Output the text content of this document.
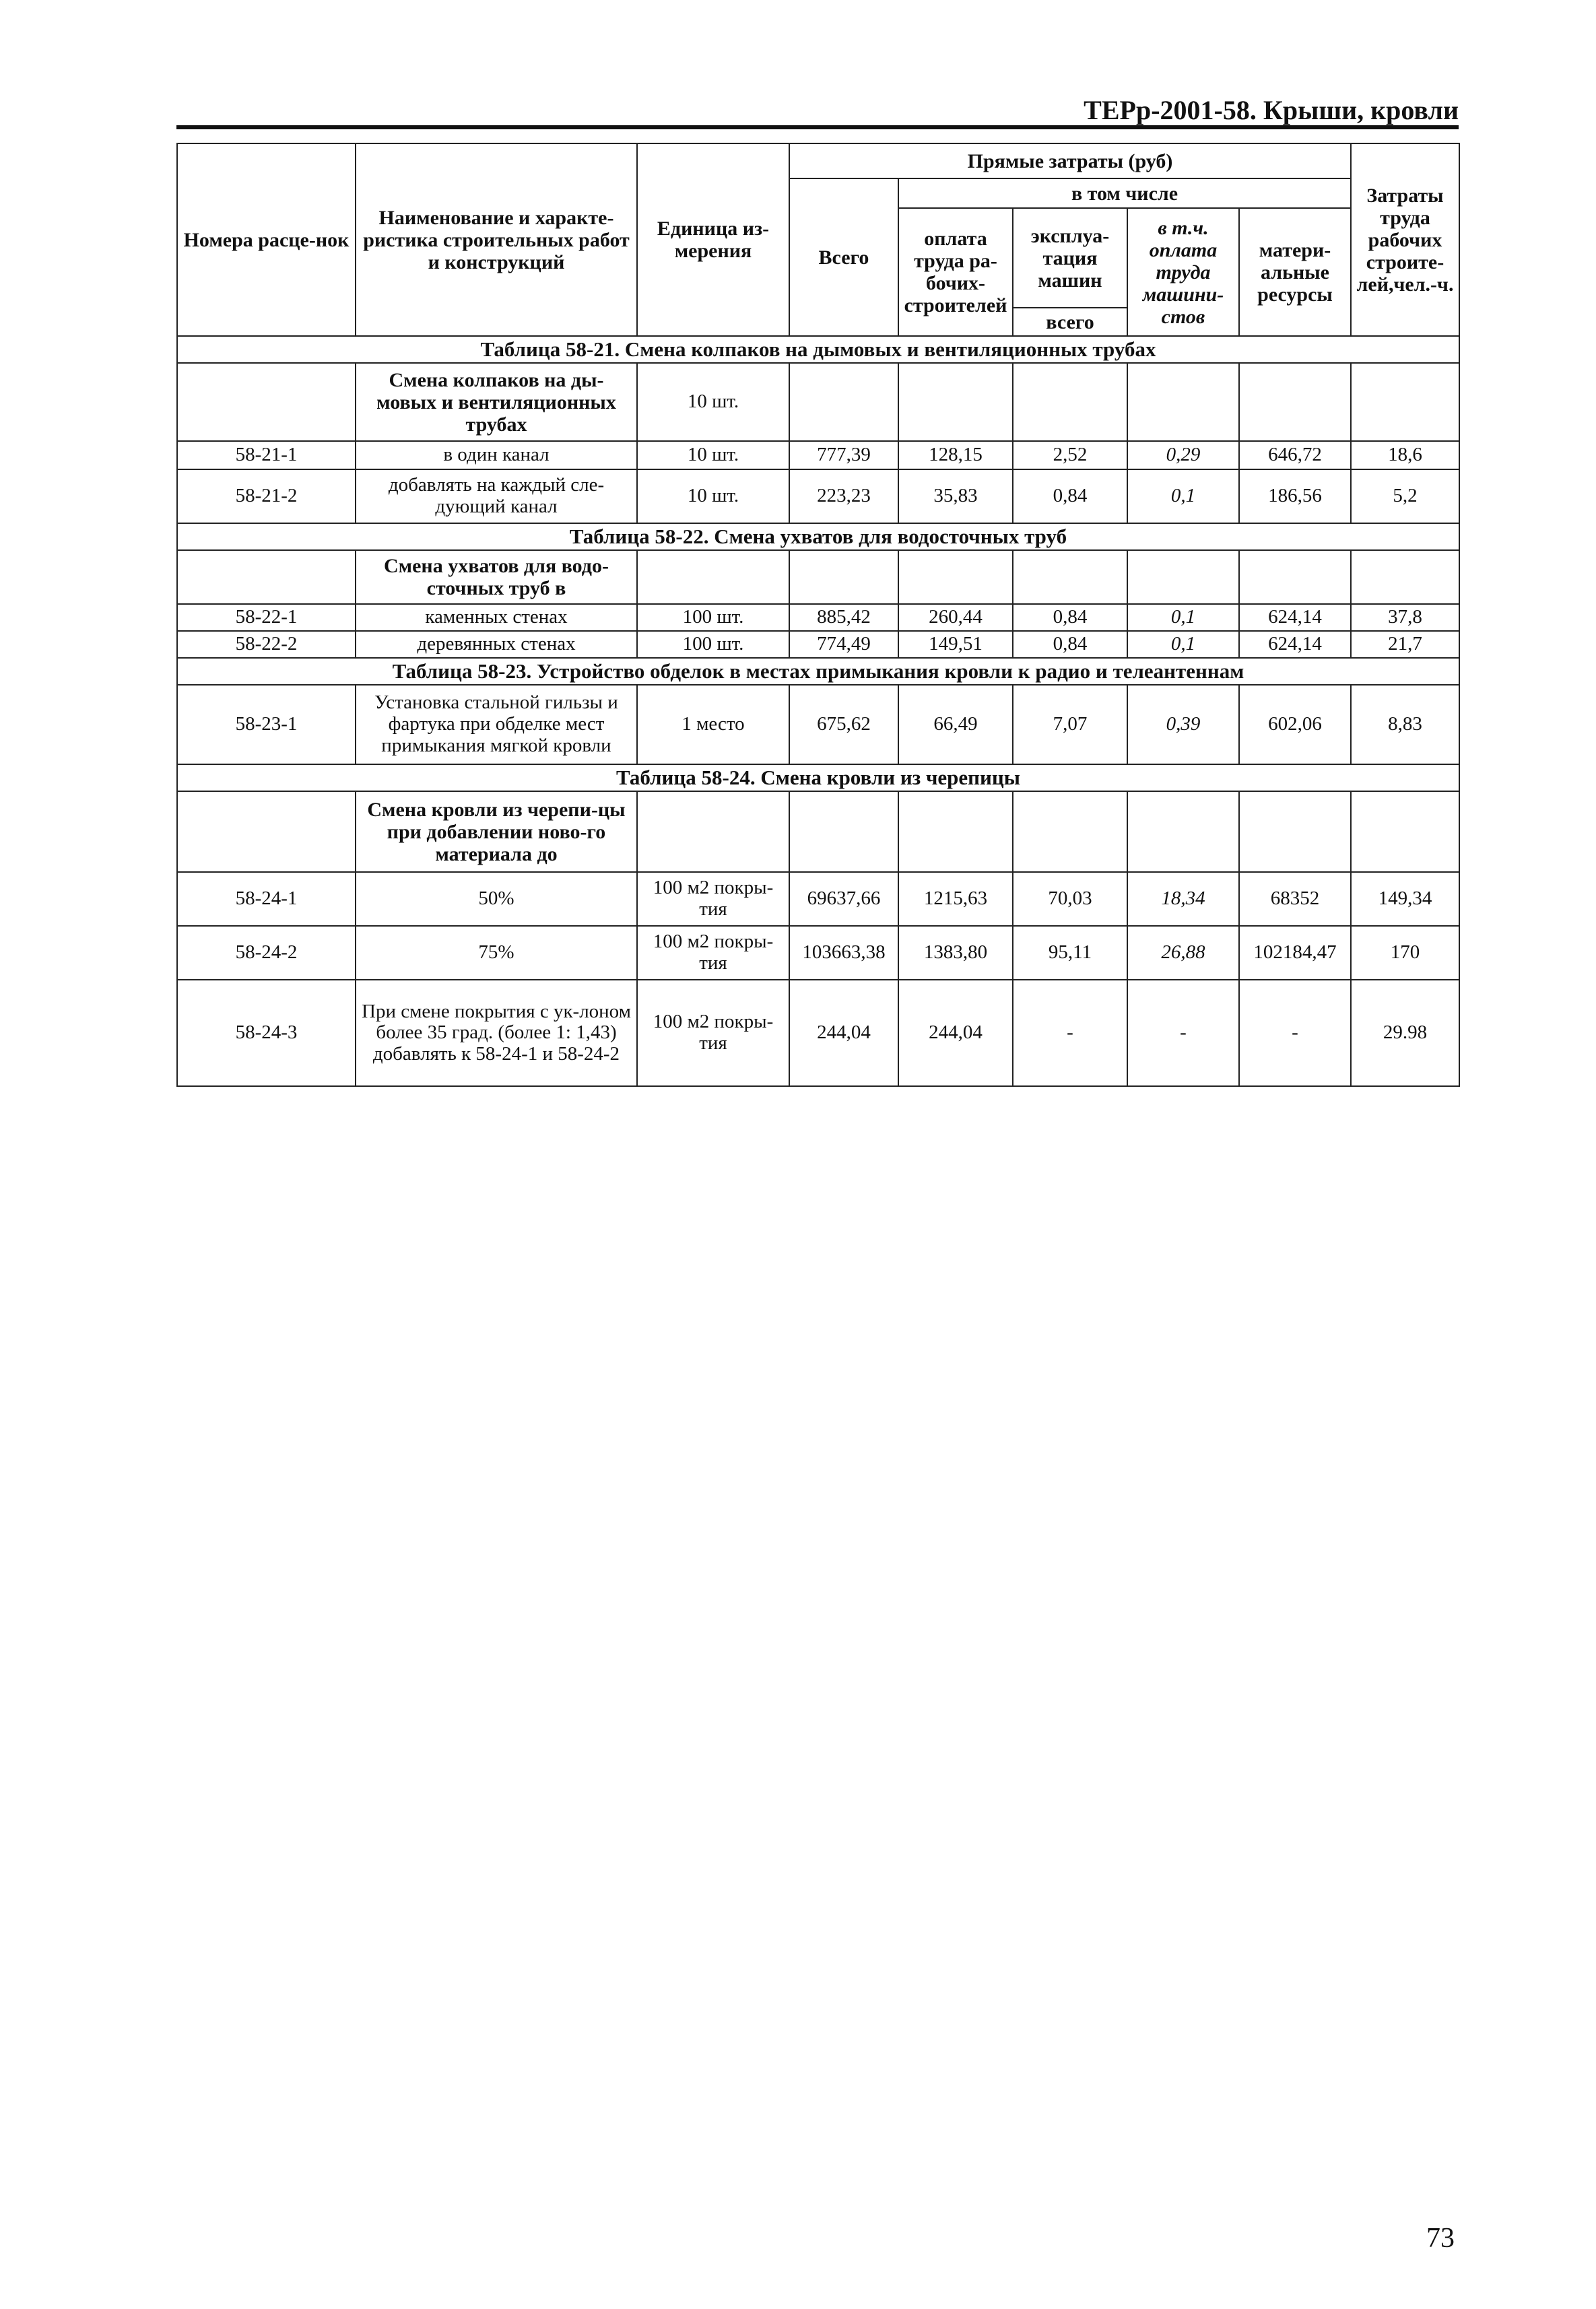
ТЕРр-2001-58. Крыши, кровли
Номера расце-нок	Наименование и характе-ристика строительных работ и конструкций	Единица из-мерения	Прямые затраты (руб)					Затраты труда рабочих строите-лей,чел.-ч.
			Всего	в том числе				
				оплата труда ра-бочих-строителей	эксплуа-тация машин	в т.ч. оплата труда машини-стов	матери-альные ресурсы	
					всего			
Таблица 58-21. Смена колпаков на дымовых и вентиляционных трубах								
	Смена колпаков на ды-мовых и вентиляционных трубах	10 шт.						
58-21-1	в один канал	10 шт.	777,39	128,15	2,52	0,29	646,72	18,6
58-21-2	добавлять на каждый сле-дующий канал	10 шт.	223,23	35,83	0,84	0,1	186,56	5,2
Таблица 58-22. Смена ухватов для водосточных труб								
	Смена ухватов для водо-сточных труб в							
58-22-1	каменных стенах	100 шт.	885,42	260,44	0,84	0,1	624,14	37,8
58-22-2	деревянных стенах	100 шт.	774,49	149,51	0,84	0,1	624,14	21,7
Таблица 58-23. Устройство обделок в местах примыкания кровли к радио и телеантеннам								
58-23-1	Установка стальной гильзы и фартука при обделке мест примыкания мягкой кровли	1 место	675,62	66,49	7,07	0,39	602,06	8,83
Таблица 58-24. Смена кровли из черепицы								
	Смена кровли из черепи-цы при добавлении ново-го материала до							
58-24-1	50%	100 м2 покры-тия	69637,66	1215,63	70,03	18,34	68352	149,34
58-24-2	75%	100 м2 покры-тия	103663,38	1383,80	95,11	26,88	102184,47	170
58-24-3	При смене покрытия с ук-лоном более 35 град. (более 1: 1,43) добавлять к 58-24-1 и 58-24-2	100 м2 покры-тия	244,04	244,04	-	-	-	29.98
73
